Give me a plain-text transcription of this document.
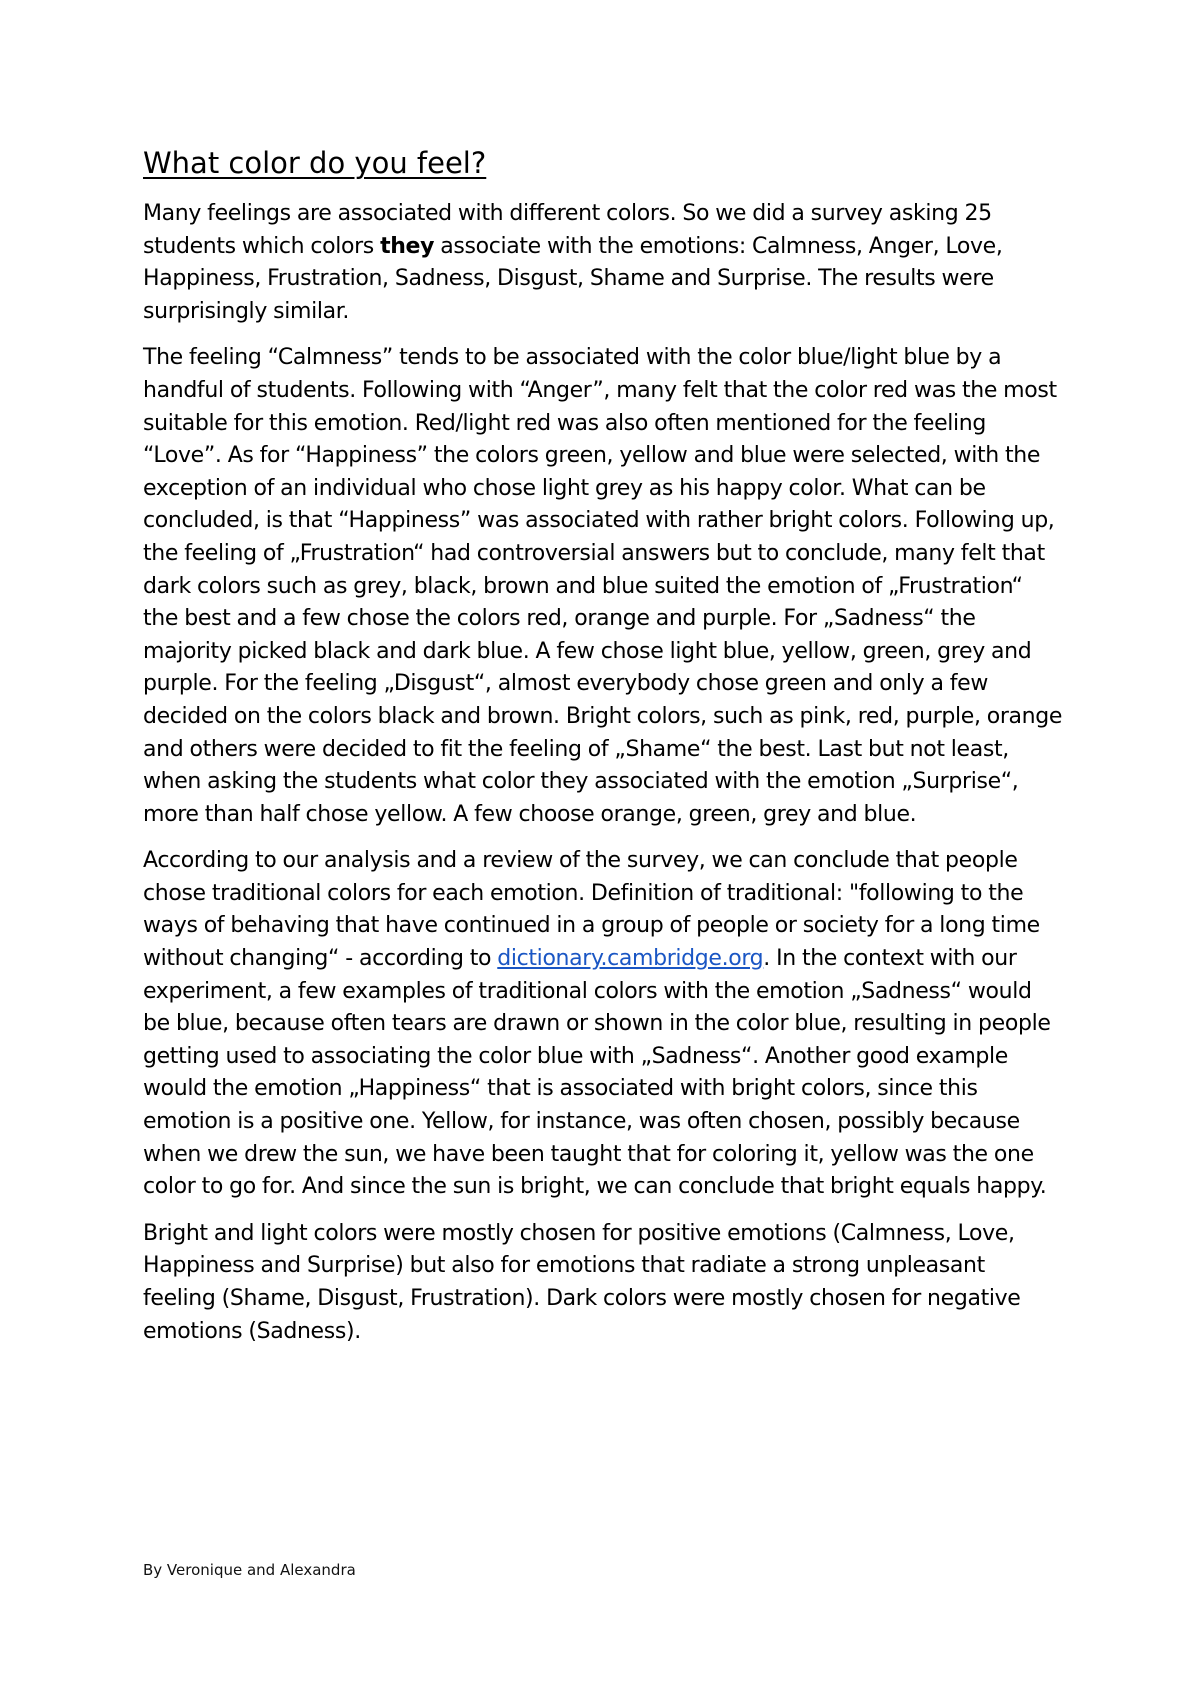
What color do you feel?

Many feelings are associated with different colors. So we did a survey asking 25 students which colors they associate with the emotions: Calmness, Anger, Love, Happiness, Frustration, Sadness, Disgust, Shame and Surprise. The results were surprisingly similar.

The feeling “Calmness” tends to be associated with the color blue/light blue by a handful of students. Following with “Anger”, many felt that the color red was the most suitable for this emotion. Red/light red was also often mentioned for the feeling “Love”. As for “Happiness” the colors green, yellow and blue were selected, with the exception of an individual who chose light grey as his happy color. What can be concluded, is that “Happiness” was associated with rather bright colors. Following up, the feeling of „Frustration“ had controversial answers but to conclude, many felt that dark colors such as grey, black, brown and blue suited the emotion of „Frustration“ the best and a few chose the colors red, orange and purple. For „Sadness“ the majority picked black and dark blue. A few chose light blue, yellow, green, grey and purple. For the feeling „Disgust“, almost everybody chose green and only a few decided on the colors black and brown. Bright colors, such as pink, red, purple, orange and others were decided to fit the feeling of „Shame“ the best. Last but not least, when asking the students what color they associated with the emotion „Surprise“, more than half chose yellow. A few choose orange, green, grey and blue.

According to our analysis and a review of the survey, we can conclude that people chose traditional colors for each emotion. Definition of traditional: "following to the ways of behaving that have continued in a group of people or society for a long time without changing“ - according to dictionary.cambridge.org. In the context with our experiment, a few examples of traditional colors with the emotion „Sadness“ would be blue, because often tears are drawn or shown in the color blue, resulting in people getting used to associating the color blue with „Sadness“. Another good example would the emotion „Happiness“ that is associated with bright colors, since this emotion is a positive one. Yellow, for instance, was often chosen, possibly because when we drew the sun, we have been taught that for coloring it, yellow was the one color to go for. And since the sun is bright, we can conclude that bright equals happy.

Bright and light colors were mostly chosen for positive emotions (Calmness, Love, Happiness and Surprise) but also for emotions that radiate a strong unpleasant feeling (Shame, Disgust, Frustration). Dark colors were mostly chosen for negative emotions (Sadness).

By Veronique and Alexandra
